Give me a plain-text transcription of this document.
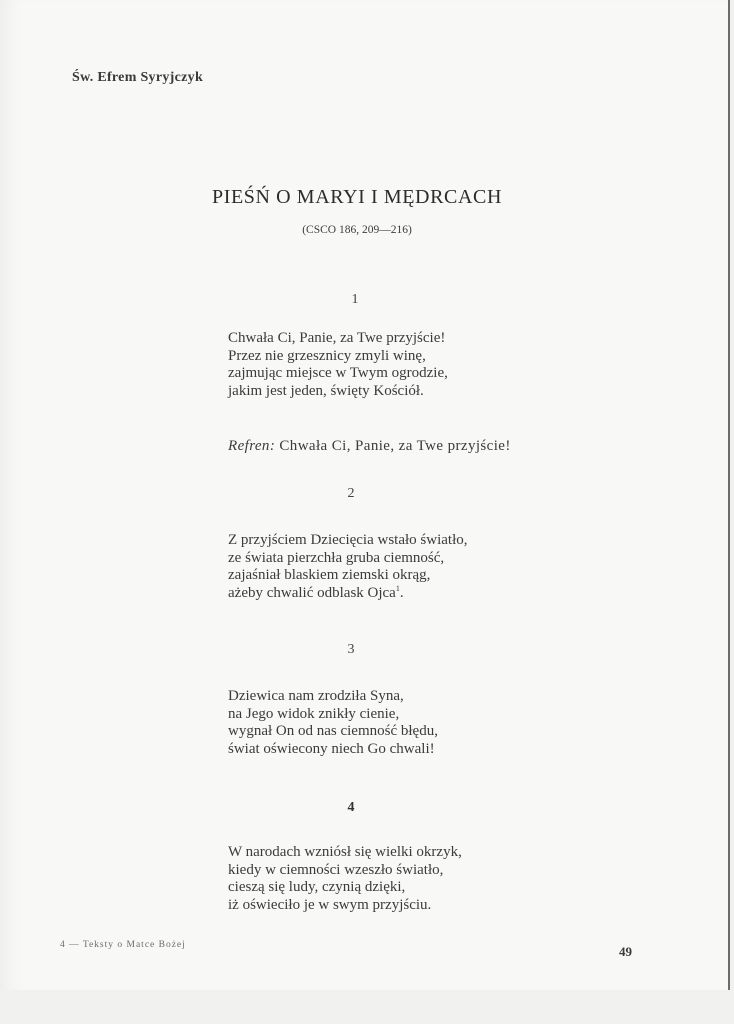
Św. Efrem Syryjczyk
PIEŚŃ O MARYI I MĘDRCACH
(CSCO 186, 209—216)
1
Chwała Ci, Panie, za Twe przyjście!
Przez nie grzesznicy zmyli winę,
zajmując miejsce w Twym ogrodzie,
jakim jest jeden, święty Kościół.
Refren: Chwała Ci, Panie, za Twe przyjście!
2
Z przyjściem Dziecięcia wstało światło,
ze świata pierzchła gruba ciemność,
zajaśniał blaskiem ziemski okrąg,
ażeby chwalić odblask Ojca$^1$.
3
Dziewica nam zrodziła Syna,
na Jego widok znikły cienie,
wygnał On od nas ciemność błędu,
świat oświecony niech Go chwali!
4
W narodach wzniósł się wielki okrzyk,
kiedy w ciemności wzeszło światło,
cieszą się ludy, czynią dzięki,
iż oświeciło je w swym przyjściu.
4 — Teksty o Matce Bożej	49
